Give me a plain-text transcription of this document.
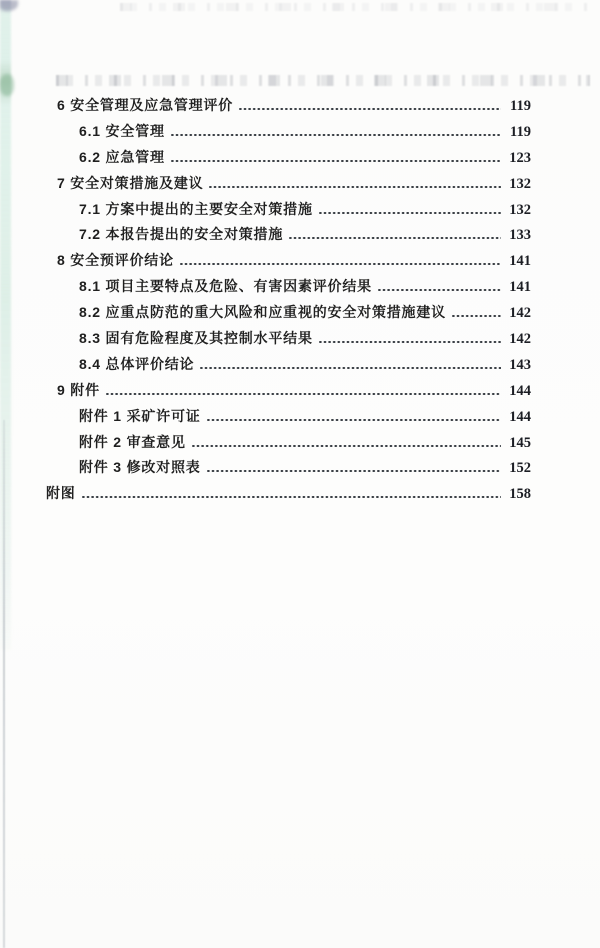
6 安全管理及应急管理评价	119
6.1 安全管理	119
6.2 应急管理	123
7 安全对策措施及建议	132
7.1 方案中提出的主要安全对策措施	132
7.2 本报告提出的安全对策措施	133
8 安全预评价结论	141
8.1 项目主要特点及危险、有害因素评价结果	141
8.2 应重点防范的重大风险和应重视的安全对策措施建议	142
8.3 固有危险程度及其控制水平结果	142
8.4 总体评价结论	143
9 附件	144
附件 1 采矿许可证	144
附件 2 审查意见	145
附件 3 修改对照表	152
附图	158
